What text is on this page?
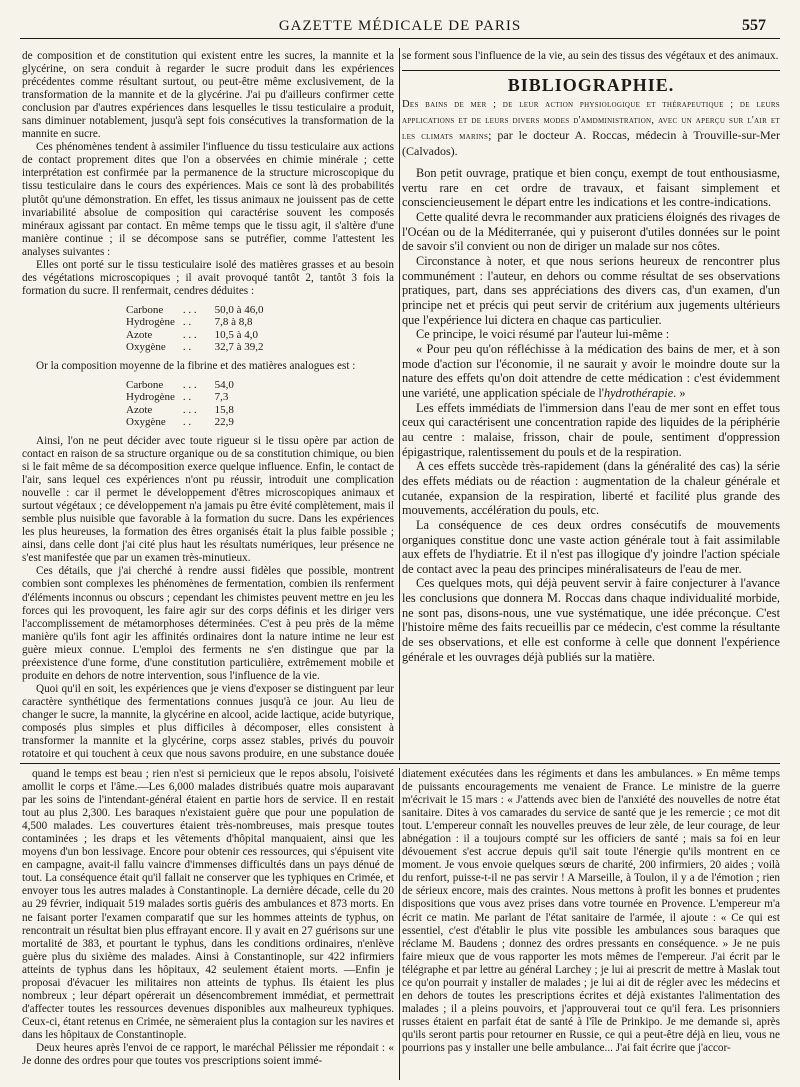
GAZETTE MÉDICALE DE PARIS	557

de composition et de constitution qui existent entre les sucres, la mannite et la glycérine, on sera conduit à regarder le sucre produit dans les expériences précédentes comme résultant surtout, ou peut-être même exclusivement, de la transformation de la mannite et de la glycérine. J'ai pu d'ailleurs confirmer cette conclusion par d'autres expériences dans lesquelles le tissu testiculaire a produit, sans diminuer notablement, jusqu'à sept fois consécutives la transformation de la mannite en sucre.

Ces phénomènes tendent à assimiler l'influence du tissu testiculaire aux actions de contact proprement dites que l'on a observées en chimie minérale ; cette interprétation est confirmée par la permanence de la structure microscopique du tissu testiculaire dans le cours des expériences. Mais ce sont là des probabilités plutôt qu'une démonstration. En effet, les tissus animaux ne jouissent pas de cette invariabilité absolue de composition qui caractérise souvent les composés minéraux agissant par contact. En même temps que le tissu agit, il s'altère d'une manière continue ; il se décompose sans se putréfier, comme l'attestent les analyses suivantes :

Elles ont porté sur le tissu testiculaire isolé des matières grasses et au besoin des végétations microscopiques ; il avait provoqué tantôt 2, tantôt 3 fois la formation du sucre. Il renfermait, cendres déduites :

Carbone	. . .	50,0 à 46,0
Hydrogène	. .	7,8 à 8,8
Azote	. . .	10,5 à 4,0
Oxygène	. .	32,7 à 39,2

Or la composition moyenne de la fibrine et des matières analogues est :

Carbone	. . .	54,0
Hydrogène	. .	7,3
Azote	. . .	15,8
Oxygène	. .	22,9

Ainsi, l'on ne peut décider avec toute rigueur si le tissu opère par action de contact en raison de sa structure organique ou de sa constitution chimique, ou bien si le fait même de sa décomposition exerce quelque influence. Enfin, le contact de l'air, sans lequel ces expériences n'ont pu réussir, introduit une complication nouvelle : car il permet le développement d'êtres microscopiques animaux et surtout végétaux ; ce développement n'a jamais pu être évité complètement, mais il semble plus nuisible que favorable à la formation du sucre. Dans les expériences les plus heureuses, la formation des êtres organisés était la plus faible possible ; ainsi, dans celle dont j'ai cité plus haut les résultats numériques, leur présence ne s'est manifestée que par un examen très-minutieux.

Ces détails, que j'ai cherché à rendre aussi fidèles que possible, montrent combien sont complexes les phénomènes de fermentation, combien ils renferment d'éléments inconnus ou obscurs ; cependant les chimistes peuvent mettre en jeu les forces qui les provoquent, les faire agir sur des corps définis et les diriger vers l'accomplissement de métamorphoses déterminées. C'est à peu près de la même manière qu'ils font agir les affinités ordinaires dont la nature intime ne leur est guère mieux connue. L'emploi des ferments ne s'en distingue que par la préexistence d'une forme, d'une constitution particulière, extrêmement mobile et produite en dehors de notre intervention, sous l'influence de la vie.

Quoi qu'il en soit, les expériences que je viens d'exposer se distinguent par leur caractère synthétique des fermentations connues jusqu'à ce jour. Au lieu de changer le sucre, la mannite, la glycérine en alcool, acide lactique, acide butyrique, composés plus simples et plus difficiles à décomposer, elles consistent à transformer la mannite et la glycérine, corps assez stables, privés du pouvoir rotatoire et qui touchent à ceux que nous savons produire, en une substance douée

se forment sous l'influence de la vie, au sein des tissus des végétaux et des animaux.

BIBLIOGRAPHIE.

Des bains de mer ; de leur action physiologique et thérapeutique ; de leurs applications et de leurs divers modes d'amdministration, avec un aperçu sur l'air et les climats marins; par le docteur A. Roccas, médecin à Trouville-sur-Mer (Calvados).

Bon petit ouvrage, pratique et bien conçu, exempt de tout enthousiasme, vertu rare en cet ordre de travaux, et faisant simplement et consciencieusement le départ entre les indications et les contre-indications.

Cette qualité devra le recommander aux praticiens éloignés des rivages de l'Océan ou de la Méditerranée, qui y puiseront d'utiles données sur le point de savoir s'il convient ou non de diriger un malade sur nos côtes.

Circonstance à noter, et que nous serions heureux de rencontrer plus communément : l'auteur, en dehors ou comme résultat de ses observations pratiques, part, dans ses appréciations des divers cas, d'un examen, d'un principe net et précis qui peut servir de critérium aux jugements ultérieurs que l'expérience lui dictera en chaque cas particulier.

Ce principe, le voici résumé par l'auteur lui-même :

« Pour peu qu'on réfléchisse à la médication des bains de mer, et à son mode d'action sur l'économie, il ne saurait y avoir le moindre doute sur la nature des effets qu'on doit attendre de cette médication : c'est évidemment une variété, une application spéciale de l'hydrothérapie. »

Les effets immédiats de l'immersion dans l'eau de mer sont en effet tous ceux qui caractérisent une concentration rapide des liquides de la périphérie au centre : malaise, frisson, chair de poule, sentiment d'oppression épigastrique, ralentissement du pouls et de la respiration.

A ces effets succède très-rapidement (dans la généralité des cas) la série des effets médiats ou de réaction : augmentation de la chaleur générale et cutanée, expansion de la respiration, liberté et facilité plus grande des mouvements, accélération du pouls, etc.

La conséquence de ces deux ordres consécutifs de mouvements organiques constitue donc une vaste action générale tout à fait assimilable aux effets de l'hydiatrie. Et il n'est pas illogique d'y joindre l'action spéciale de contact avec la peau des principes minéralisateurs de l'eau de mer.

Ces quelques mots, qui déjà peuvent servir à faire conjecturer à l'avance les conclusions que donnera M. Roccas dans chaque individualité morbide, ne sont pas, disons-nous, une vue systématique, une idée préconçue. C'est l'histoire même des faits recueillis par ce médecin, c'est comme la résultante de ses observations, et elle est conforme à celle que donnent l'expérience générale et les ouvrages déjà publiés sur la matière.

quand le temps est beau ; rien n'est si pernicieux que le repos absolu, l'oisiveté amollit le corps et l'âme.—Les 6,000 malades distribués quatre mois auparavant par les soins de l'intendant-général étaient en partie hors de service. Il en restait tout au plus 2,300. Les baraques n'existaient guère que pour une population de 4,500 malades. Les couvertures étaient très-nombreuses, mais presque toutes contaminées ; les draps et les vêtements d'hôpital manquaient, ainsi que les moyens d'un bon lessivage. Encore pour obtenir ces ressources, qui s'épuisent vite en campagne, avait-il fallu vaincre d'immenses difficultés dans un pays dénué de tout. La conséquence était qu'il fallait ne conserver que les typhiques en Crimée, et envoyer tous les autres malades à Constantinople. La dernière décade, celle du 20 au 29 février, indiquait 519 malades sortis guéris des ambulances et 873 morts. En ne faisant porter l'examen comparatif que sur les hommes atteints de typhus, on rencontrait un résultat bien plus effrayant encore. Il y avait en 27 guérisons sur une mortalité de 383, et pourtant le typhus, dans les conditions ordinaires, n'enlève guère plus du sixième des malades. Ainsi à Constantinople, sur 422 infirmiers atteints de typhus dans les hôpitaux, 42 seulement étaient morts. —Enfin je proposai d'évacuer les militaires non atteints de typhus. Ils étaient les plus nombreux ; leur départ opérerait un désencombrement immédiat, et permettrait d'affecter toutes les ressources devenues disponibles aux malheureux typhiques. Ceux-ci, étant retenus en Crimée, ne sèmeraient plus la contagion sur les navires et dans les hôpitaux de Constantinople.

Deux heures après l'envoi de ce rapport, le maréchal Pélissier me répondait : « Je donne des ordres pour que toutes vos prescriptions soient immé-

diatement exécutées dans les régiments et dans les ambulances. » En même temps de puissants encouragements me venaient de France. Le ministre de la guerre m'écrivait le 15 mars : « J'attends avec bien de l'anxiété des nouvelles de notre état sanitaire. Dites à vos camarades du service de santé que je les remercie ; ce mot dit tout. L'empereur connaît les nouvelles preuves de leur zèle, de leur courage, de leur abnégation : il a toujours compté sur les officiers de santé ; mais sa foi en leur dévouement s'est accrue depuis qu'il sait toute l'énergie qu'ils montrent en ce moment. Je vous envoie quelques sœurs de charité, 200 infirmiers, 20 aides ; voilà du renfort, puisse-t-il ne pas servir ! A Marseille, à Toulon, il y a de l'émotion ; rien de sérieux encore, mais des craintes. Nous mettons à profit les bonnes et prudentes dispositions que vous avez prises dans votre tournée en Provence. L'empereur m'a écrit ce matin. Me parlant de l'état sanitaire de l'armée, il ajoute : « Ce qui est essentiel, c'est d'établir le plus vite possible les ambulances sous baraques que réclame M. Baudens ; donnez des ordres pressants en conséquence. » Je ne puis faire mieux que de vous rapporter les mots mêmes de l'empereur. J'ai écrit par le télégraphe et par lettre au général Larchey ; je lui ai prescrit de mettre à Maslak tout ce qu'on pourrait y installer de malades ; je lui ai dit de régler avec les médecins et en dehors de toutes les prescriptions écrites et déjà existantes l'alimentation des malades ; il a pleins pouvoirs, et j'approuverai tout ce qu'il fera. Les prisonniers russes étaient en parfait état de santé à l'île de Prinkipo. Je me demande si, après qu'ils seront partis pour retourner en Russie, ce qui a peut-être déjà en lieu, vous ne pourrions pas y installer une belle ambulance... J'ai fait écrire que j'accor-
